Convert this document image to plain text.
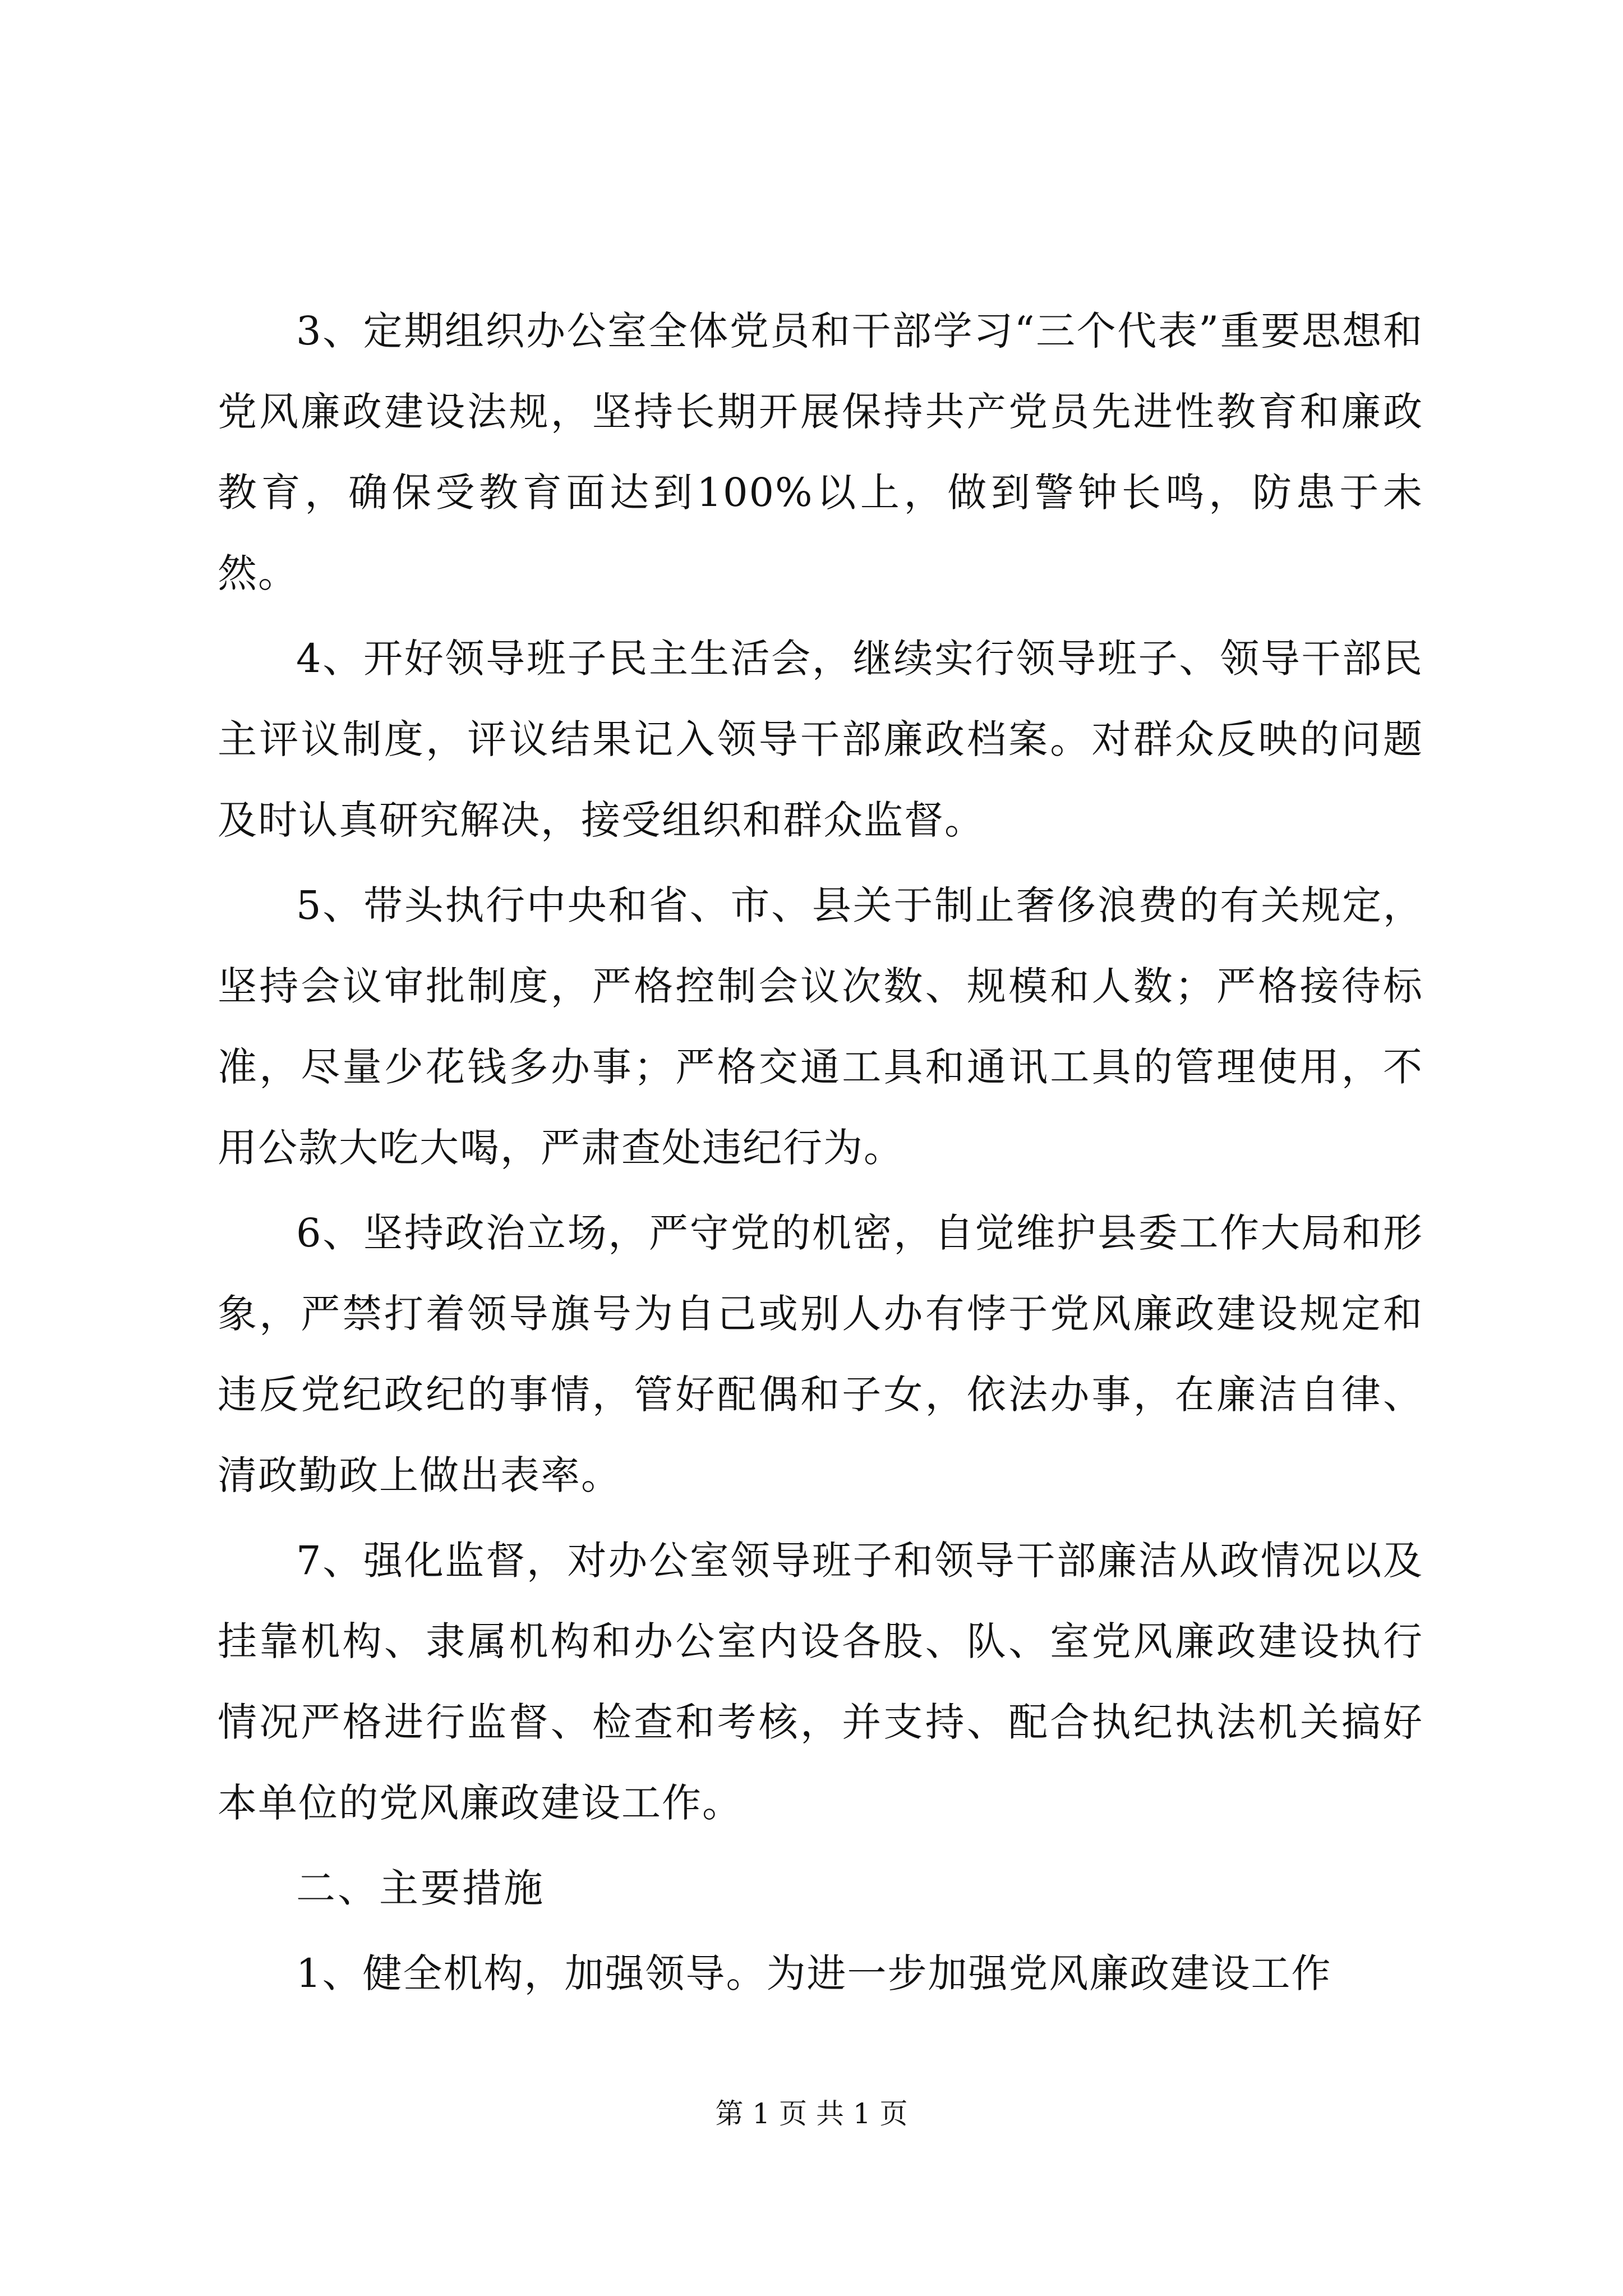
3、定期组织办公室全体党员和干部学习“三个代表”重要思想和党风廉政建设法规，坚持长期开展保持共产党员先进性教育和廉政教育，确保受教育面达到100%以上，做到警钟长鸣，防患于未然。

4、开好领导班子民主生活会，继续实行领导班子、领导干部民主评议制度，评议结果记入领导干部廉政档案。对群众反映的问题及时认真研究解决，接受组织和群众监督。

5、带头执行中央和省、市、县关于制止奢侈浪费的有关规定，坚持会议审批制度，严格控制会议次数、规模和人数；严格接待标准，尽量少花钱多办事；严格交通工具和通讯工具的管理使用，不用公款大吃大喝，严肃查处违纪行为。

6、坚持政治立场，严守党的机密，自觉维护县委工作大局和形象，严禁打着领导旗号为自己或别人办有悖于党风廉政建设规定和违反党纪政纪的事情，管好配偶和子女，依法办事，在廉洁自律、清政勤政上做出表率。

7、强化监督，对办公室领导班子和领导干部廉洁从政情况以及挂靠机构、隶属机构和办公室内设各股、队、室党风廉政建设执行情况严格进行监督、检查和考核，并支持、配合执纪执法机关搞好本单位的党风廉政建设工作。

二、主要措施

1、健全机构，加强领导。为进一步加强党风廉政建设工作

第 1 页 共 1 页
